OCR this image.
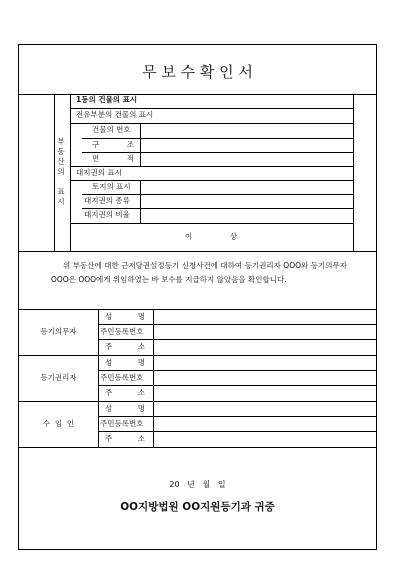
무 보 수 확 인 서
부
동
산
의

표
시
1동의 건물의 표시
전유부분의 건물의 표시
건물의 번호
구	조
면	적
대지권의 표시
토지의 표시
대지권의 종류
대지권의 비율
이	상
위 부동산에 대한 근저당권설정등기 신청사건에 대하여 등기권리자 OOO와 등기의무자 OOO은 OOO에게 위임하였는 바 보수를 지급하지 않았음을 확인합니다.
등기의무자
성	명
주민등록번호
주	소
등기권리자
성	명
주민등록번호
주	소
수  임  인
성	명
주민등록번호
주	소
20   년   월   일
OO지방법원 OO지원등기과 귀중
